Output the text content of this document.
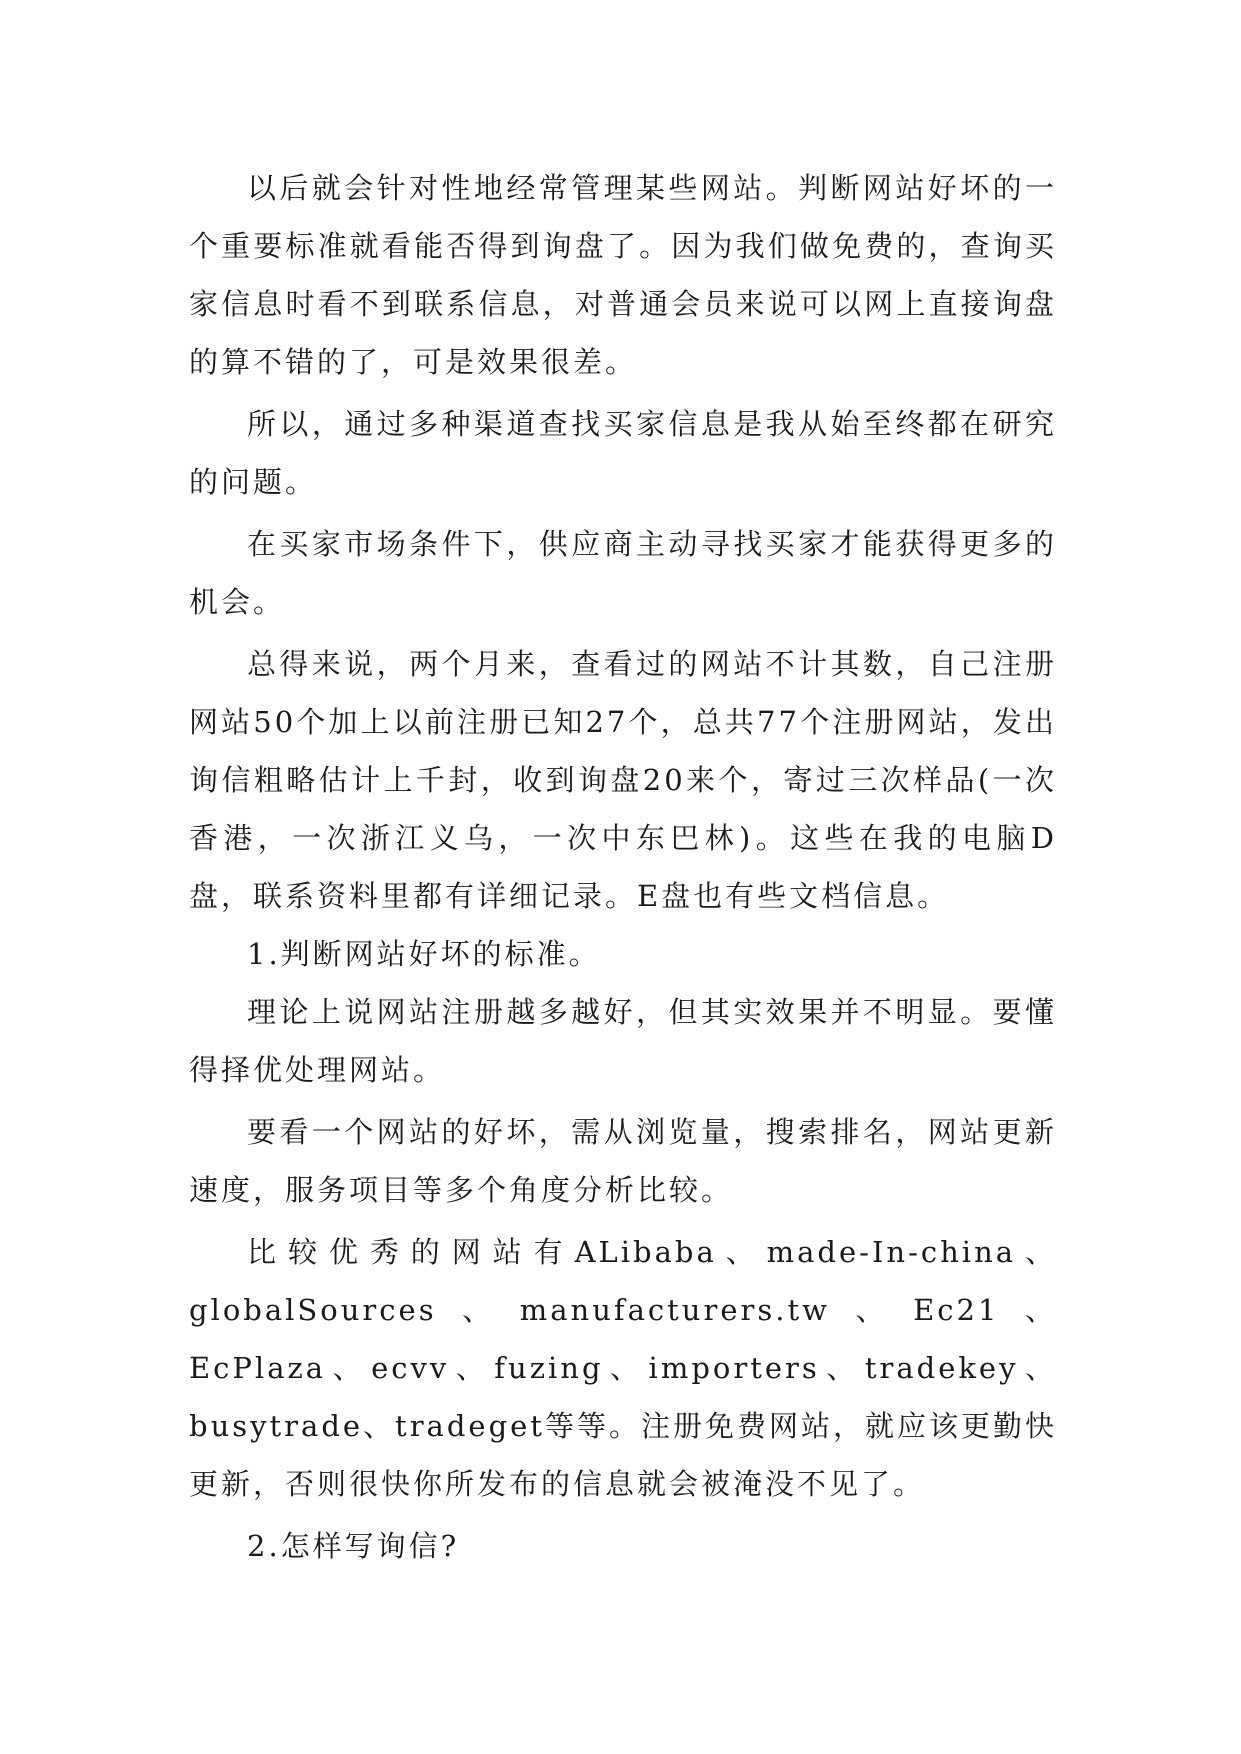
以后就会针对性地经常管理某些网站。判断网站好坏的一个重要标准就看能否得到询盘了。因为我们做免费的，查询买家信息时看不到联系信息，对普通会员来说可以网上直接询盘的算不错的了，可是效果很差。

所以，通过多种渠道查找买家信息是我从始至终都在研究的问题。

在买家市场条件下，供应商主动寻找买家才能获得更多的机会。

总得来说，两个月来，查看过的网站不计其数，自己注册网站50个加上以前注册已知27个，总共77个注册网站，发出询信粗略估计上千封，收到询盘20来个，寄过三次样品(一次香港，一次浙江义乌，一次中东巴林)。这些在我的电脑D盘，联系资料里都有详细记录。E盘也有些文档信息。

1.判断网站好坏的标准。

理论上说网站注册越多越好，但其实效果并不明显。要懂得择优处理网站。

要看一个网站的好坏，需从浏览量，搜索排名，网站更新速度，服务项目等多个角度分析比较。

比较优秀的网站有ALibaba、made-In-china、globalSources、manufacturers.tw、Ec21、EcPlaza、ecvv、fuzing、importers、tradekey、busytrade、tradeget等等。注册免费网站，就应该更勤快更新，否则很快你所发布的信息就会被淹没不见了。

2.怎样写询信?
